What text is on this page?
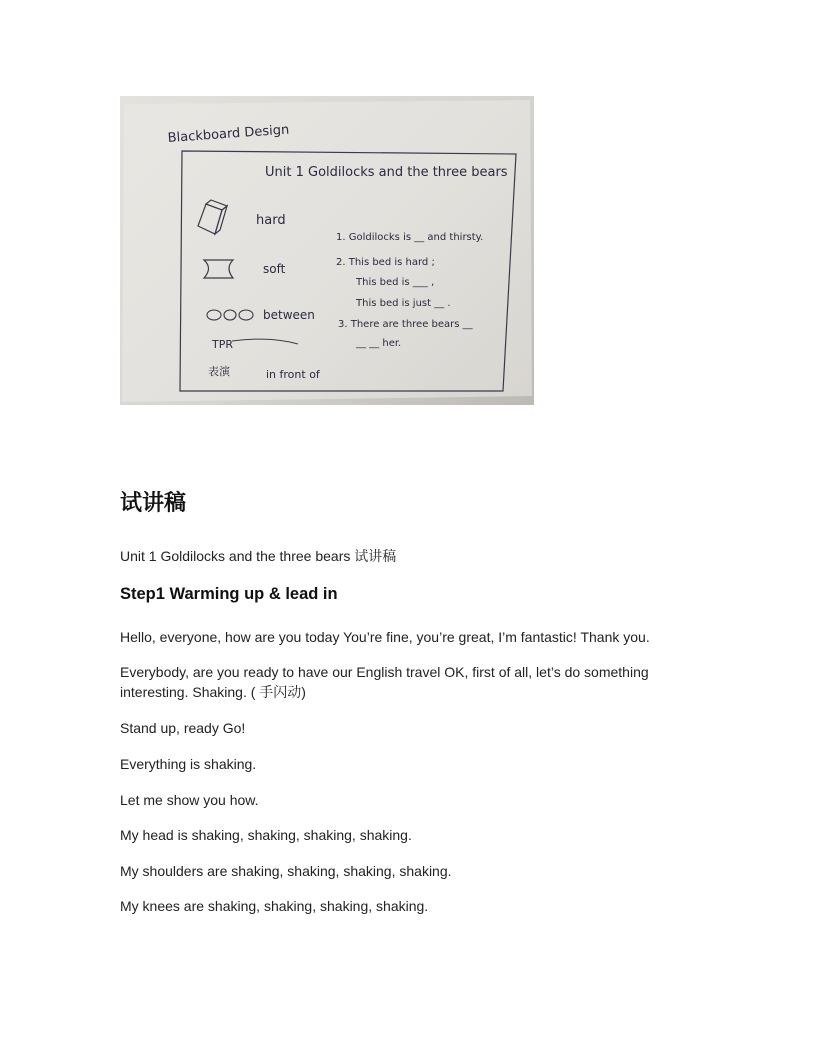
Blackboard Design
Unit 1 Goldilocks and the three bears
hard
soft
between
TPR
表演	in front of
1. Goldilocks is __ and thirsty.
2. This bed is hard ;
This bed is ___ ,
This bed is just __ .
3. There are three bears __
__ __ her.
试讲稿

Unit 1 Goldilocks and the three bears 试讲稿

Step1 Warming up & lead in

Hello, everyone, how are you today You’re fine, you’re great, I’m fantastic! Thank you.

Everybody, are you ready to have our English travel OK, first of all, let’s do something interesting. Shaking. ( 手闪动)

Stand up, ready Go!

Everything is shaking.

Let me show you how.

My head is shaking, shaking, shaking, shaking.

My shoulders are shaking, shaking, shaking, shaking.

My knees are shaking, shaking, shaking, shaking.
